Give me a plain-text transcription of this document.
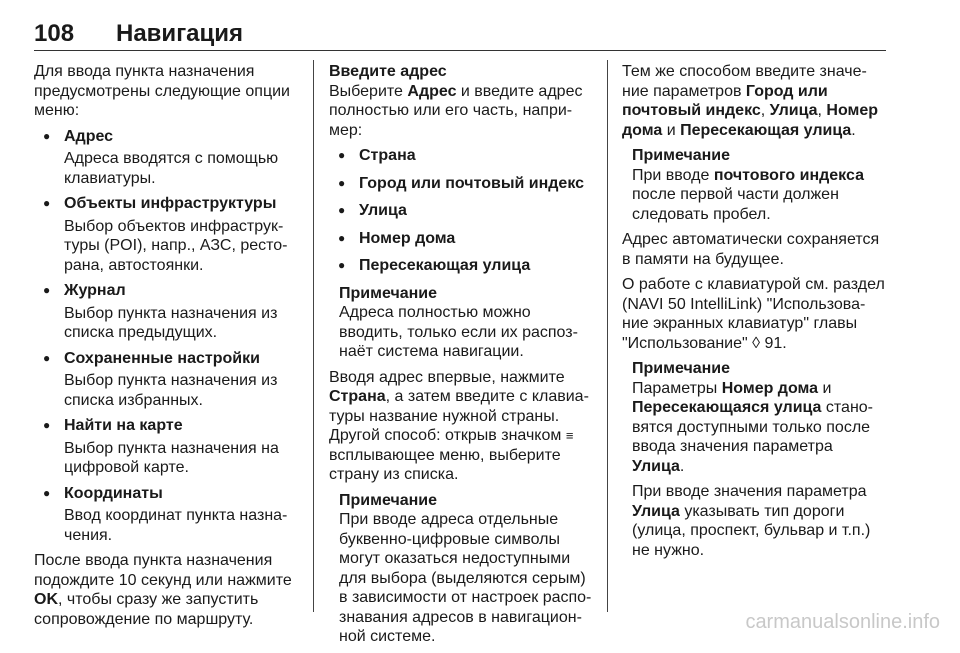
108 Навигация

Для ввода пункта назначения предусмотрены следующие опции меню:

● Адрес
Адреса вводятся с помощью клавиатуры.
● Объекты инфраструктуры
Выбор объектов инфраструк-туры (POI), напр., АЗС, ресто-рана, автостоянки.
● Журнал
Выбор пункта назначения из списка предыдущих.
● Сохраненные настройки
Выбор пункта назначения из списка избранных.
● Найти на карте
Выбор пункта назначения на цифровой карте.
● Координаты
Ввод координат пункта назна-чения.

После ввода пункта назначения подождите 10 секунд или нажмите OK, чтобы сразу же запустить сопровождение по маршруту.

Введите адрес

Выберите Адрес и введите адрес полностью или его часть, напри-мер:

● Страна
● Город или почтовый индекс
● Улица
● Номер дома
● Пересекающая улица
Примечание
Адреса полностью можно вводить, только если их распоз-наёт система навигации.

Вводя адрес впервые, нажмите Страна, а затем введите с клавиа-туры название нужной страны. Другой способ: открыв значком ≡ всплывающее меню, выберите страну из списка.

Примечание
При вводе адреса отдельные буквенно-цифровые символы могут оказаться недоступными для выбора (выделяются серым) в зависимости от настроек распо-знавания адресов в навигацион-ной системе.

Тем же способом введите значе-ние параметров Город или почтовый индекс, Улица, Номер дома и Пересекающая улица.

Примечание
При вводе почтового индекса после первой части должен следовать пробел.

Адрес автоматически сохраняется в памяти на будущее.

О работе с клавиатурой см. раздел (NAVI 50 IntelliLink) "Использова-ние экранных клавиатур" главы "Использование" ◊ 91.

Примечание
Параметры Номер дома и Пересекающаяся улица стано-вятся доступными только после ввода значения параметра Улица.
При вводе значения параметра Улица указывать тип дороги (улица, проспект, бульвар и т.п.) не нужно.
carmanualsonline.info
